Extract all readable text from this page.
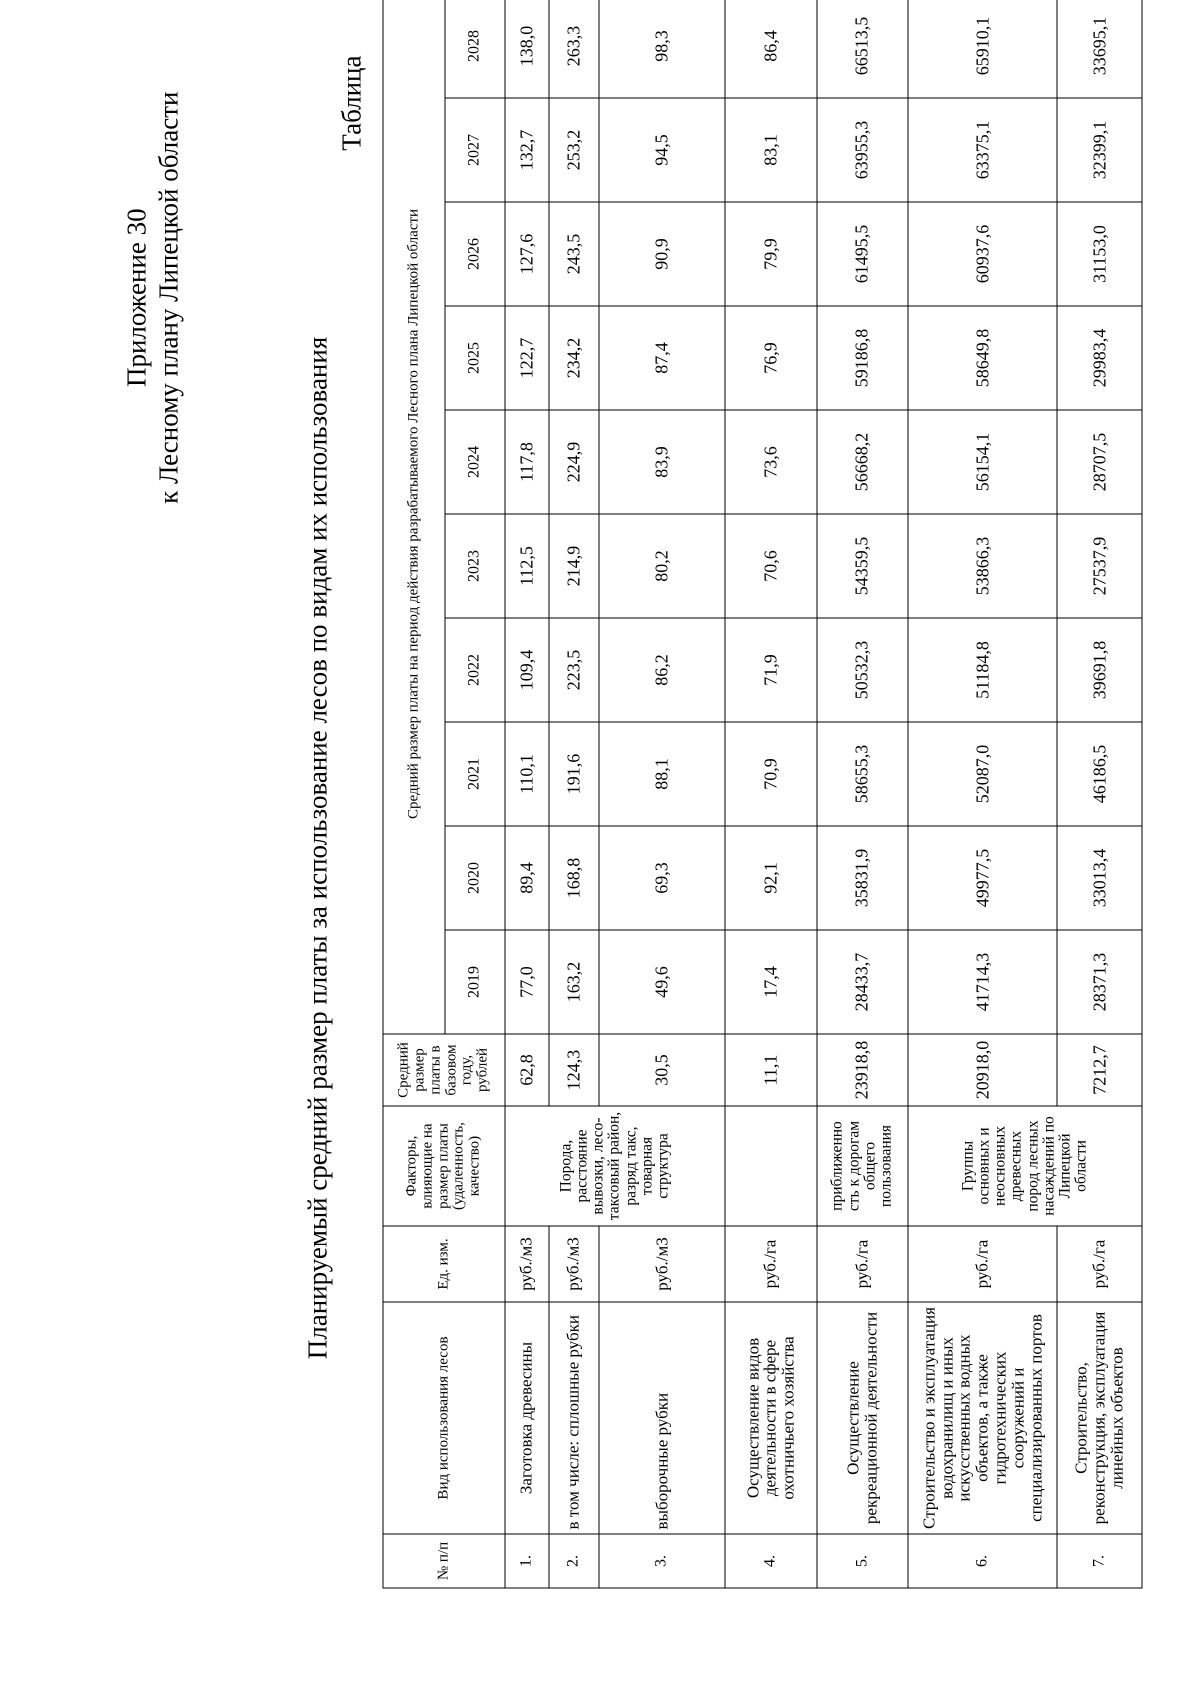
Приложение 30 к Лесному плану Липецкой области
Планируемый средний размер платы за использование лесов по видам их использования
Таблица
№ п/п	Вид использования лесов	Ед. изм.	Факторы, влияющие на размер платы (удаленность, качество)	Средний размер платы в базовом году, рублей	Средний размер платы на период действия разрабатываемого Лесного плана Липецкой области									
					2019	2020	2021	2022	2023	2024	2025	2026	2027	2028
1.	Заготовка древесины	руб./м3	Порода, расстояние вывозки, лесо-таксовый район, разряд такс, товарная структура	62,8	77,0	89,4	110,1	109,4	112,5	117,8	122,7	127,6	132,7	138,0
2.	в том числе: сплошные рубки	руб./м3		124,3	163,2	168,8	191,6	223,5	214,9	224,9	234,2	243,5	253,2	263,3
3.	выборочные рубки	руб./м3		30,5	49,6	69,3	88,1	86,2	80,2	83,9	87,4	90,9	94,5	98,3
4.	Осуществление видов деятельности в сфере охотничьего хозяйства	руб./га		11,1	17,4	92,1	70,9	71,9	70,6	73,6	76,9	79,9	83,1	86,4
5.	Осуществление рекреационной деятельности	руб./га	приближенно сть к дорогам общего пользования	23918,8	28433,7	35831,9	58655,3	50532,3	54359,5	56668,2	59186,8	61495,5	63955,3	66513,5
6.	Строительство и эксплуатация водохранилищ и иных искусственных водных объектов, а также гидротехнических сооружений и специализированных портов	руб./га	Группы основных и неосновных древесных пород лесных насаждений по Липецкой области	20918,0	41714,3	49977,5	52087,0	51184,8	53866,3	56154,1	58649,8	60937,6	63375,1	65910,1
7.	Строительство, реконструкция, эксплуатация линейных объектов	руб./га		7212,7	28371,3	33013,4	46186,5	39691,8	27537,9	28707,5	29983,4	31153,0	32399,1	33695,1
